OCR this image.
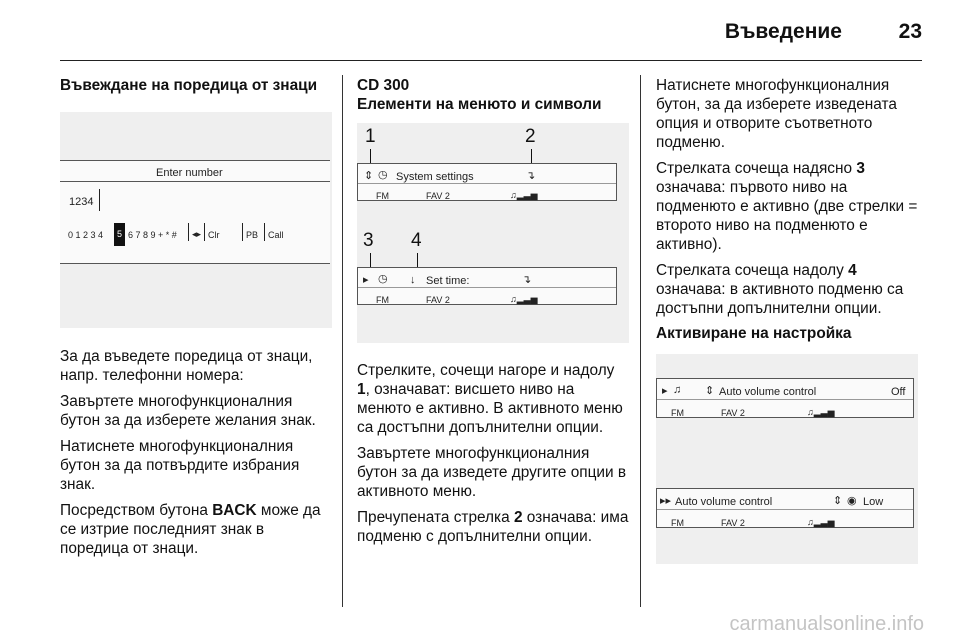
Въведение	23
Въвеждане на поредица от знаци
Enter number
1234
0 1 2 3 4	5 6 7 8 9 + * # ◂▸ Clr	PB Call

За да въведете поредица от знаци, напр. телефонни номера:

Завъртете многофункционалния бутон за да изберете желания знак.

Натиснете многофункционалния бутон за да потвърдите избрания знак.

Посредством бутона BACK може да се изтрие последният знак в поредица от знаци.

CD 300
Елементи на менюто и символи
1	2
⇕ ◷ System settings	↴
FM	FAV 2	♫▂▃▅
3 4
▸ ◷ ↓ Set time:	↴
FM	FAV 2	♫▂▃▅

Стрелките, сочещи нагоре и надолу 1, означават: висшето ниво на менюто е активно. В активното меню са достъпни допълнителни опции.

Завъртете многофункционалния бутон за да изведете другите опции в активното меню.

Пречупената стрелка 2 означава: има подменю с допълнителни опции.

Натиснете многофункционалния бутон, за да изберете изведената опция и отворите съответното подменю.

Стрелката сочеща надясно 3 означава: първото ниво на подменюто е активно (две стрелки = второто ниво на подменюто е активно).

Стрелката сочеща надолу 4 означава: в активното подменю са достъпни допълнителни опции.

Активиране на настройка
▸ ♫ ⇕ Auto volume control	Off
FM	FAV 2	♫▂▃▅
▸▸ Auto volume control	⇕ ◉ Low
FM	FAV 2	♫▂▃▅
carmanualsonline.info
